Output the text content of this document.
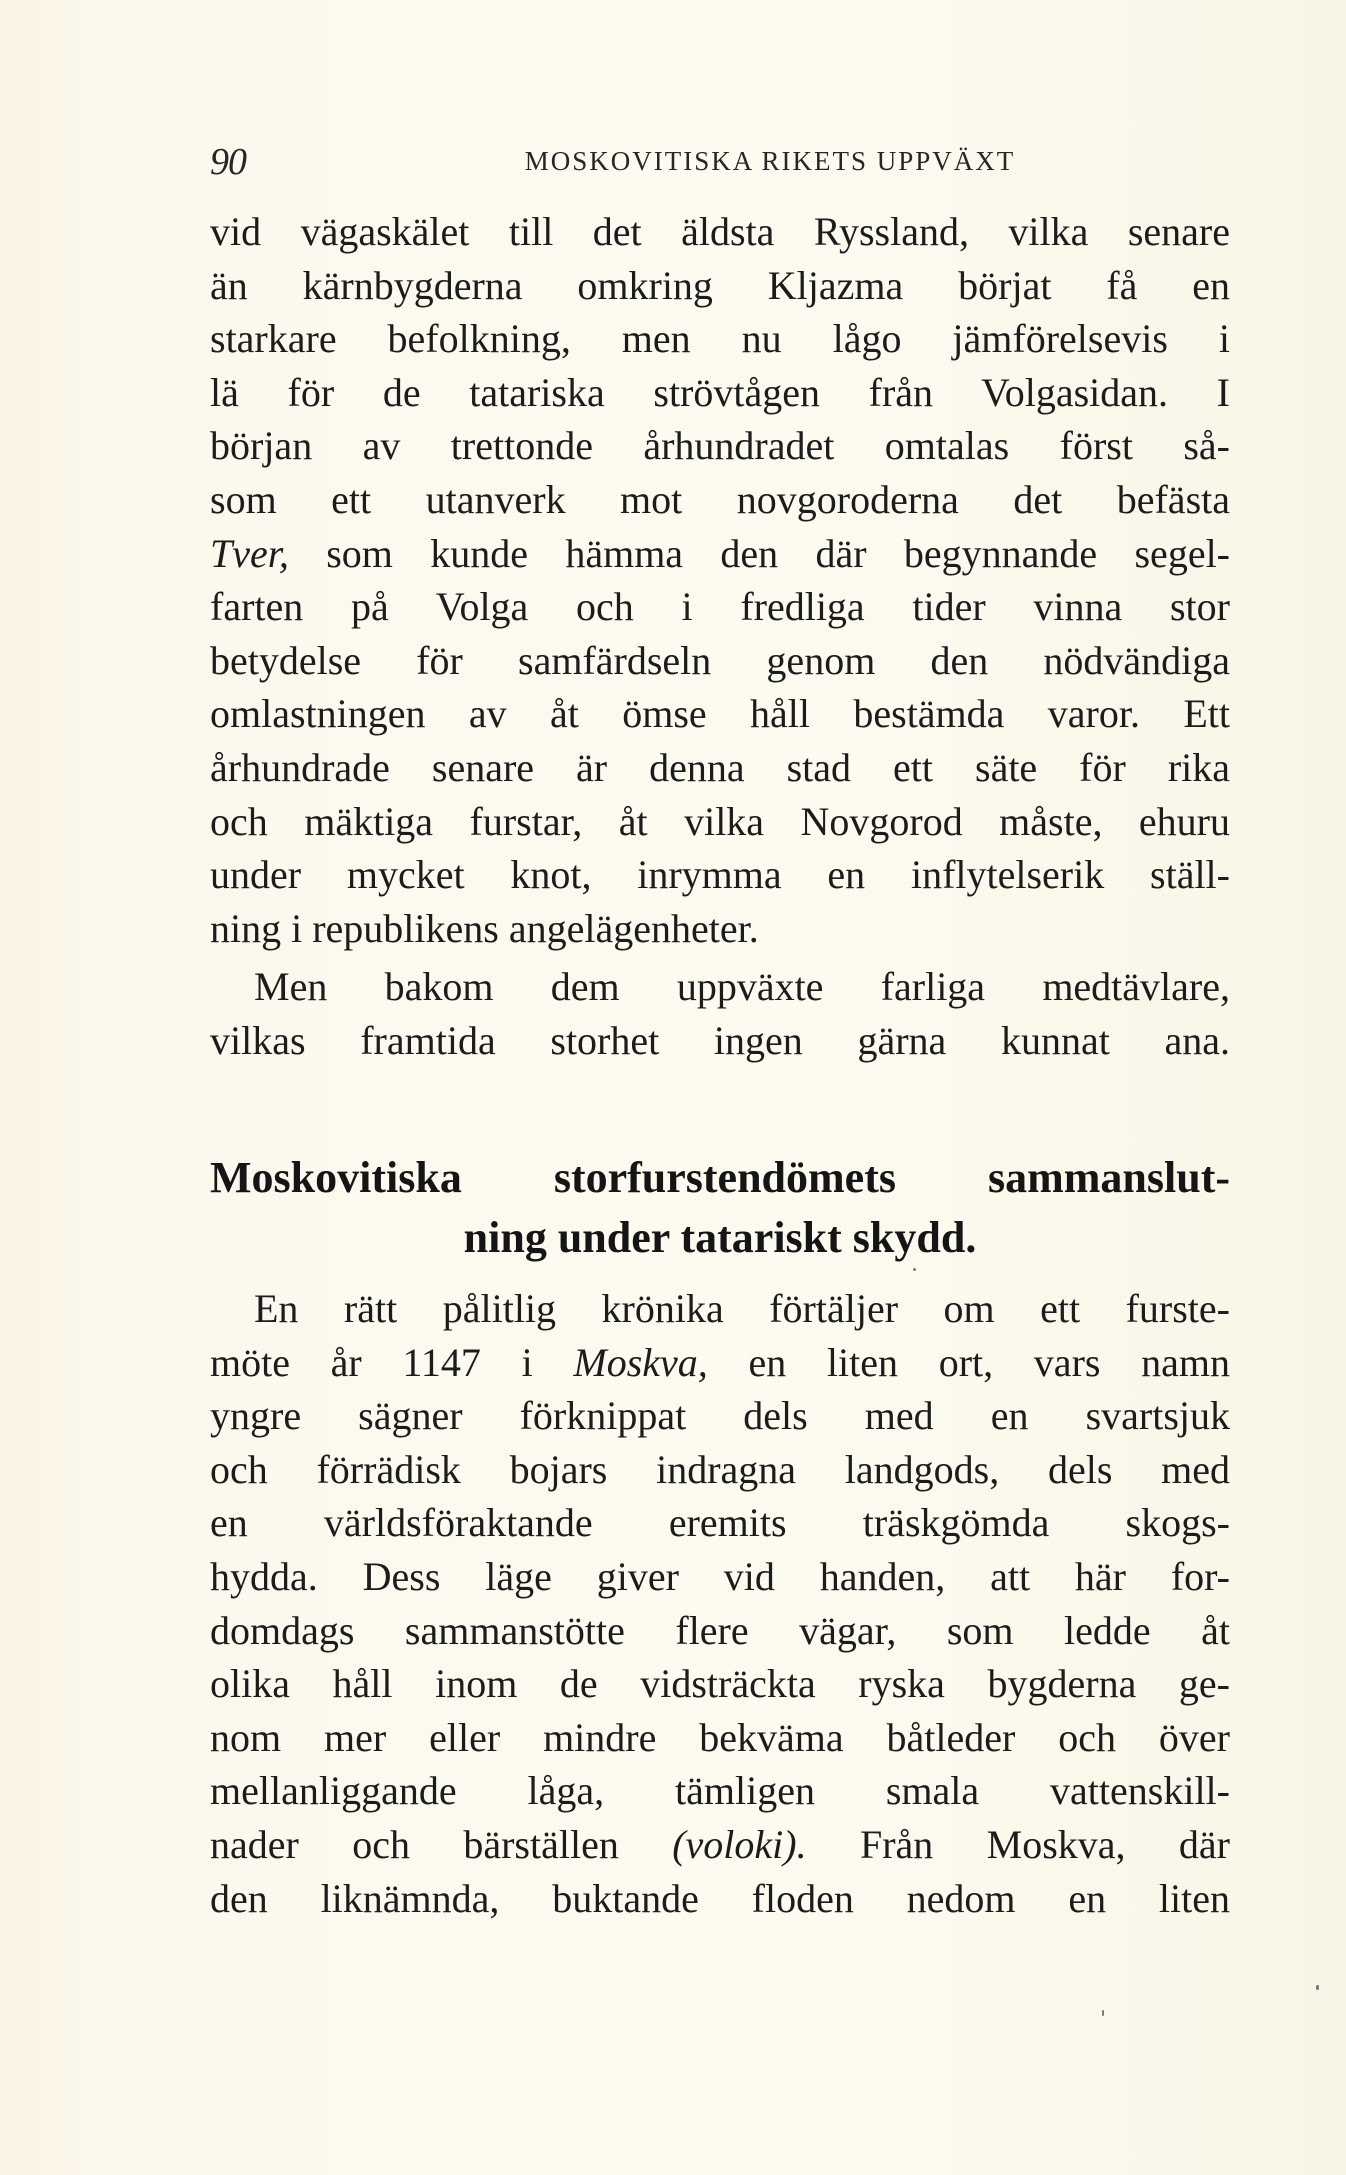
90	MOSKOVITISKA RIKETS UPPVÄXT
vid vägaskälet till det äldsta Ryssland, vilka senare
än kärnbygderna omkring Kljazma börjat få en
starkare befolkning, men nu lågo jämförelsevis i
lä för de tatariska strövtågen från Volgasidan. I
början av trettonde århundradet omtalas först så-
som ett utanverk mot novgoroderna det befästa
Tver, som kunde hämma den där begynnande segel-
farten på Volga och i fredliga tider vinna stor
betydelse för samfärdseln genom den nödvändiga
omlastningen av åt ömse håll bestämda varor. Ett
århundrade senare är denna stad ett säte för rika
och mäktiga furstar, åt vilka Novgorod måste, ehuru
under mycket knot, inrymma en inflytelserik ställ-
ning i republikens angelägenheter.
Men bakom dem uppväxte farliga medtävlare,
vilkas framtida storhet ingen gärna kunnat ana.
Moskovitiska storfurstendömets sammanslut-
ning under tatariskt skydd.
En rätt pålitlig krönika förtäljer om ett furste-
möte år 1147 i Moskva, en liten ort, vars namn
yngre sägner förknippat dels med en svartsjuk
och förrädisk bojars indragna landgods, dels med
en världsföraktande eremits träskgömda skogs-
hydda. Dess läge giver vid handen, att här for-
domdags sammanstötte flere vägar, som ledde åt
olika håll inom de vidsträckta ryska bygderna ge-
nom mer eller mindre bekväma båtleder och över
mellanliggande låga, tämligen smala vattenskill-
nader och bärställen (voloki). Från Moskva, där
den liknämnda, buktande floden nedom en liten
